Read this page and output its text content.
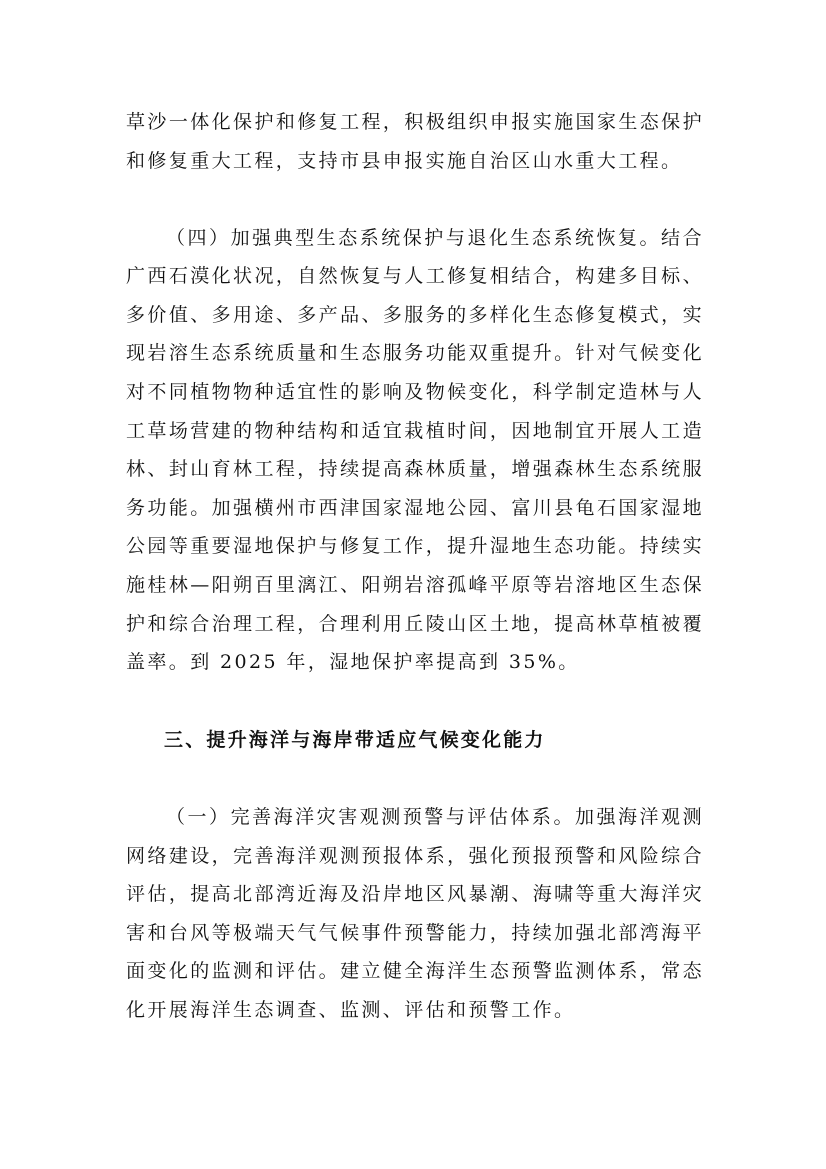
草沙一体化保护和修复工程，积极组织申报实施国家生态保护和修复重大工程，支持市县申报实施自治区山水重大工程。

（四）加强典型生态系统保护与退化生态系统恢复。结合广西石漠化状况，自然恢复与人工修复相结合，构建多目标、多价值、多用途、多产品、多服务的多样化生态修复模式，实现岩溶生态系统质量和生态服务功能双重提升。针对气候变化对不同植物物种适宜性的影响及物候变化，科学制定造林与人工草场营建的物种结构和适宜栽植时间，因地制宜开展人工造林、封山育林工程，持续提高森林质量，增强森林生态系统服务功能。加强横州市西津国家湿地公园、富川县龟石国家湿地公园等重要湿地保护与修复工作，提升湿地生态功能。持续实施桂林—阳朔百里漓江、阳朔岩溶孤峰平原等岩溶地区生态保护和综合治理工程，合理利用丘陵山区土地，提高林草植被覆盖率。到 2025 年，湿地保护率提高到 35%。

三、提升海洋与海岸带适应气候变化能力

（一）完善海洋灾害观测预警与评估体系。加强海洋观测网络建设，完善海洋观测预报体系，强化预报预警和风险综合评估，提高北部湾近海及沿岸地区风暴潮、海啸等重大海洋灾害和台风等极端天气气候事件预警能力，持续加强北部湾海平面变化的监测和评估。建立健全海洋生态预警监测体系，常态化开展海洋生态调查、监测、评估和预警工作。
